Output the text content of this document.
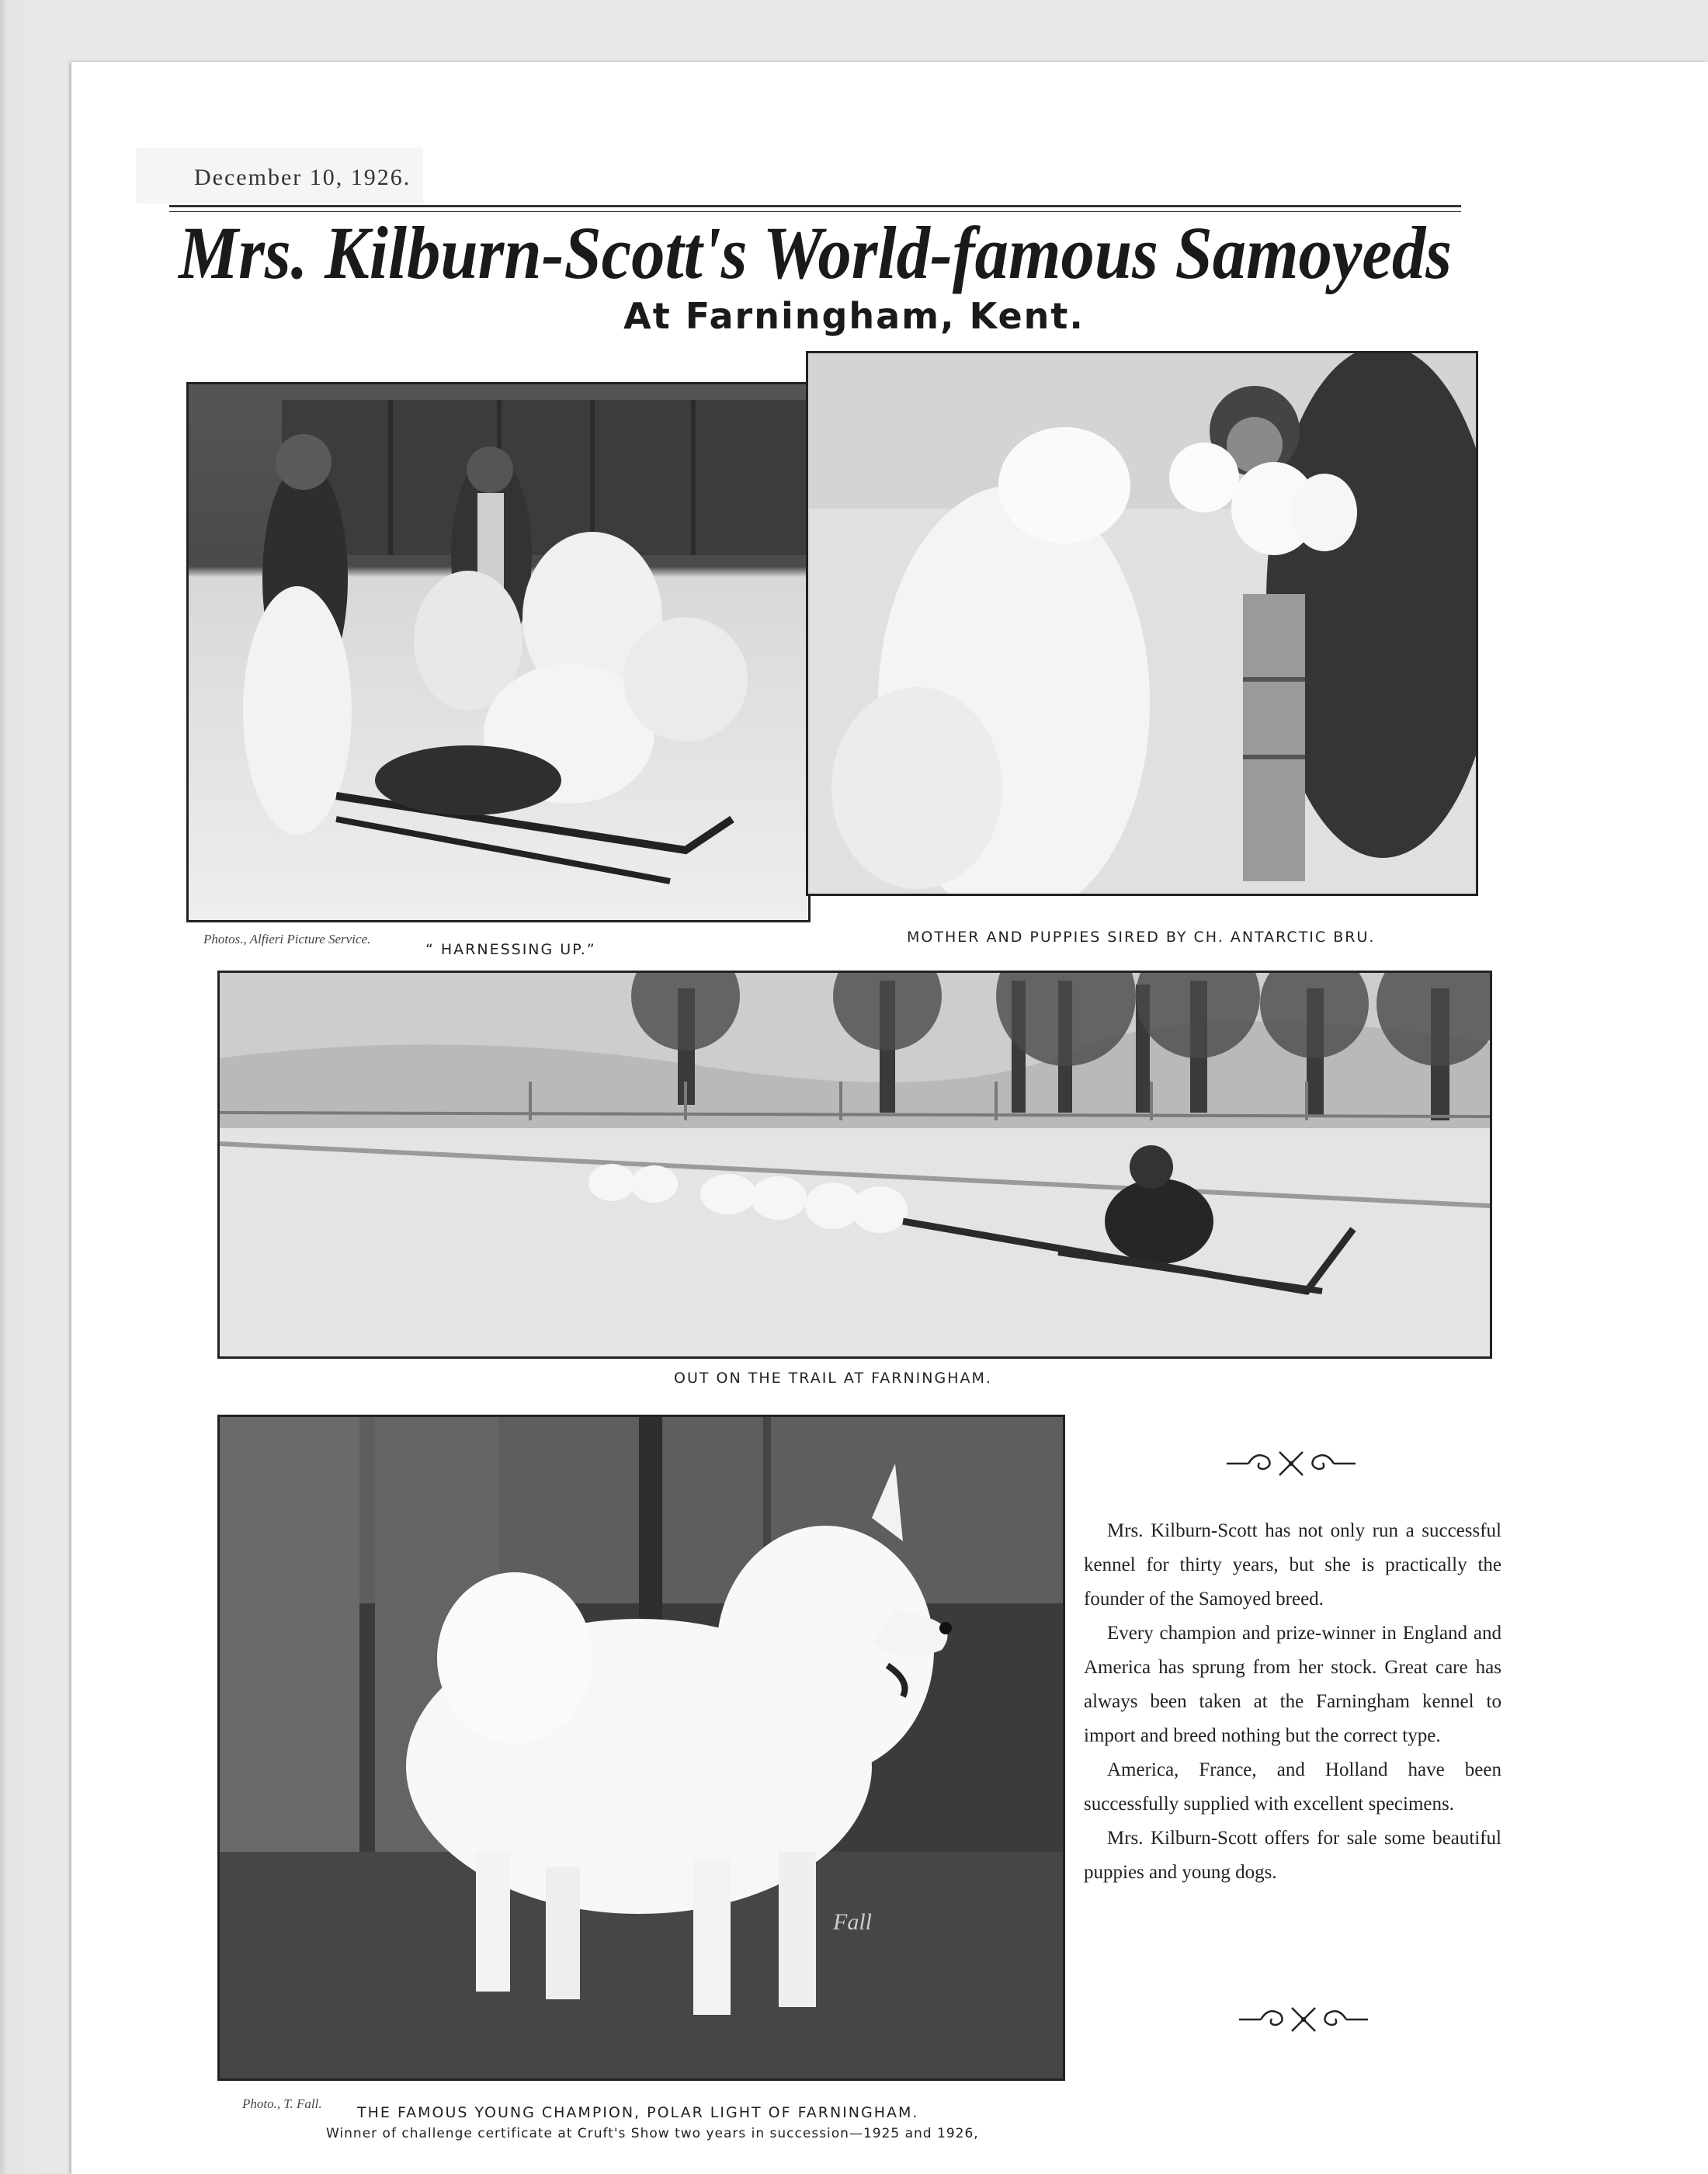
December 10, 1926.
Mrs. Kilburn-Scott's World-famous Samoyeds
At Farningham, Kent.
Photos., Alfieri Picture Service.
“ HARNESSING UP.”
MOTHER AND PUPPIES SIRED BY CH. ANTARCTIC BRU.
OUT ON THE TRAIL AT FARNINGHAM.
Fall
Photo., T. Fall.
THE FAMOUS YOUNG CHAMPION, POLAR LIGHT OF FARNINGHAM.
Winner of challenge certificate at Cruft's Show two years in succession—1925 and 1926,

Mrs. Kilburn-Scott has not only run a successful kennel for thirty years, but she is practically the founder of the Samoyed breed.

Every champion and prize-winner in England and America has sprung from her stock. Great care has always been taken at the Farningham kennel to import and breed nothing but the correct type.

America, France, and Holland have been successfully supplied with excellent specimens.

Mrs. Kilburn-Scott offers for sale some beautiful puppies and young dogs.
